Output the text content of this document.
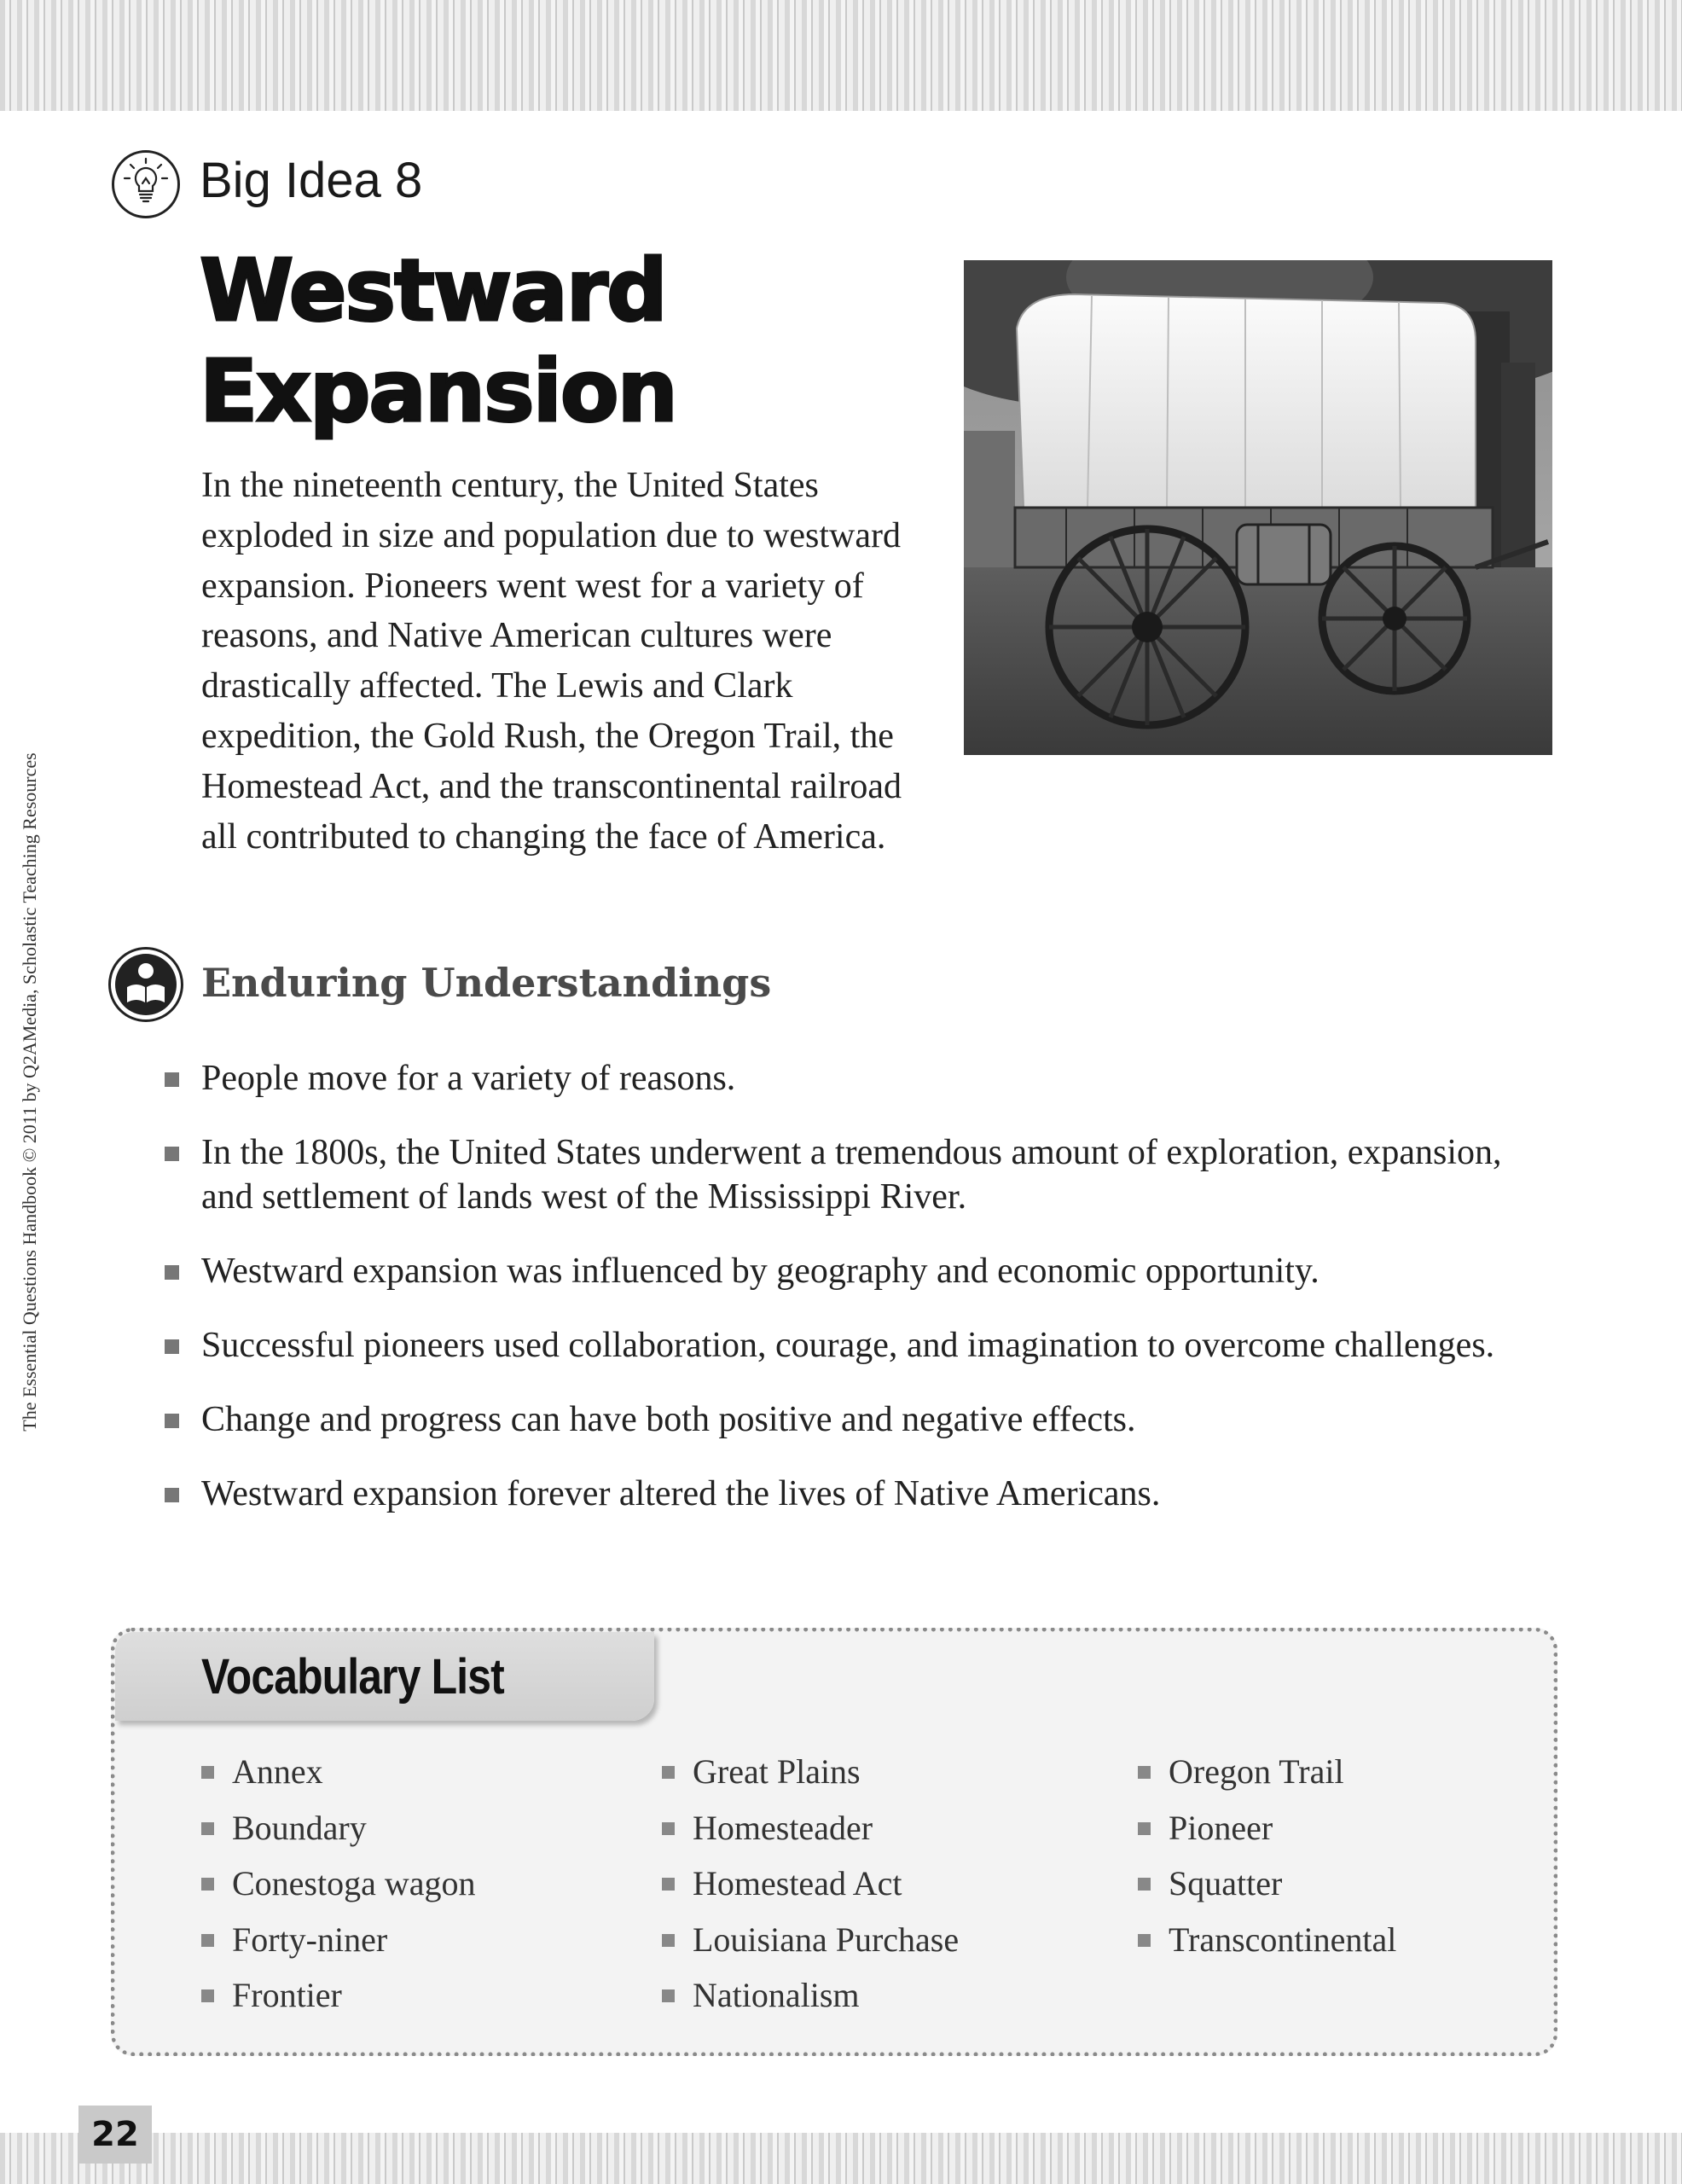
The Essential Questions Handbook © 2011 by Q2AMedia, Scholastic Teaching Resources
Big Idea 8
Westward
Expansion

In the nineteenth century, the United States exploded in size and population due to westward expansion. Pioneers went west for a variety of reasons, and Native American cultures were drastically affected. The Lewis and Clark expedition, the Gold Rush, the Oregon Trail, the Homestead Act, and the transcontinental railroad all contributed to changing the face of America.

Enduring Understandings
People move for a variety of reasons.
In the 1800s, the United States underwent a tremendous amount of exploration, expansion, and settlement of lands west of the Mississippi River.
Westward expansion was influenced by geography and economic opportunity.
Successful pioneers used collaboration, courage, and imagination to overcome challenges.
Change and progress can have both positive and negative effects.
Westward expansion forever altered the lives of Native Americans.
Vocabulary List
Annex
Boundary
Conestoga wagon
Forty-niner
Frontier
Great Plains
Homesteader
Homestead Act
Louisiana Purchase
Nationalism
Oregon Trail
Pioneer
Squatter
Transcontinental
22
